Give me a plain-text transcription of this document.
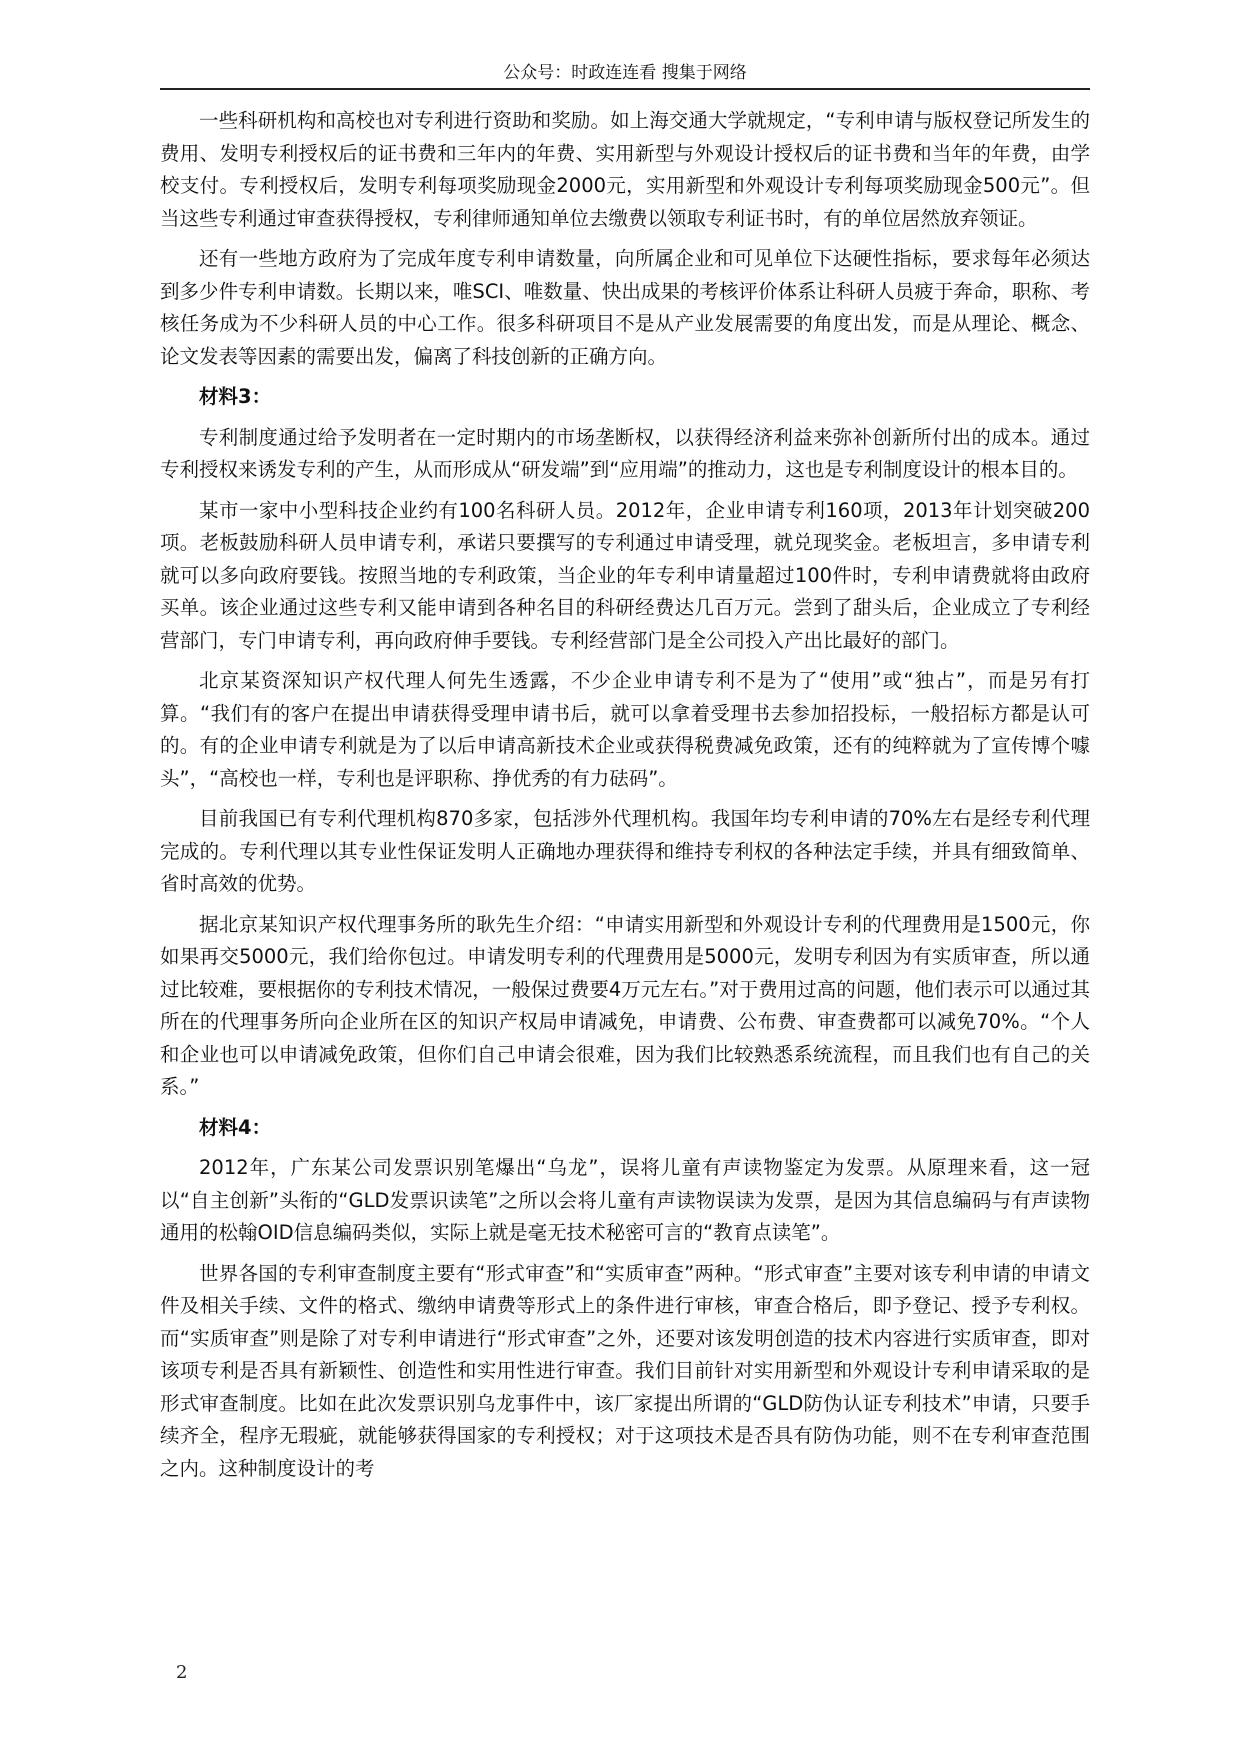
公众号：时政连连看 搜集于网络

一些科研机构和高校也对专利进行资助和奖励。如上海交通大学就规定，“专利申请与版权登记所发生的费用、发明专利授权后的证书费和三年内的年费、实用新型与外观设计授权后的证书费和当年的年费，由学校支付。专利授权后，发明专利每项奖励现金2000元，实用新型和外观设计专利每项奖励现金500元”。但当这些专利通过审查获得授权，专利律师通知单位去缴费以领取专利证书时，有的单位居然放弃领证。

还有一些地方政府为了完成年度专利申请数量，向所属企业和可见单位下达硬性指标，要求每年必须达到多少件专利申请数。长期以来，唯SCI、唯数量、快出成果的考核评价体系让科研人员疲于奔命，职称、考核任务成为不少科研人员的中心工作。很多科研项目不是从产业发展需要的角度出发，而是从理论、概念、论文发表等因素的需要出发，偏离了科技创新的正确方向。

材料3：

专利制度通过给予发明者在一定时期内的市场垄断权，以获得经济利益来弥补创新所付出的成本。通过专利授权来诱发专利的产生，从而形成从“研发端”到“应用端”的推动力，这也是专利制度设计的根本目的。

某市一家中小型科技企业约有100名科研人员。2012年，企业申请专利160项，2013年计划突破200项。老板鼓励科研人员申请专利，承诺只要撰写的专利通过申请受理，就兑现奖金。老板坦言，多申请专利就可以多向政府要钱。按照当地的专利政策，当企业的年专利申请量超过100件时，专利申请费就将由政府买单。该企业通过这些专利又能申请到各种名目的科研经费达几百万元。尝到了甜头后，企业成立了专利经营部门，专门申请专利，再向政府伸手要钱。专利经营部门是全公司投入产出比最好的部门。

北京某资深知识产权代理人何先生透露，不少企业申请专利不是为了“使用”或“独占”，而是另有打算。“我们有的客户在提出申请获得受理申请书后，就可以拿着受理书去参加招投标，一般招标方都是认可的。有的企业申请专利就是为了以后申请高新技术企业或获得税费减免政策，还有的纯粹就为了宣传博个噱头”，“高校也一样，专利也是评职称、挣优秀的有力砝码”。

目前我国已有专利代理机构870多家，包括涉外代理机构。我国年均专利申请的70%左右是经专利代理完成的。专利代理以其专业性保证发明人正确地办理获得和维持专利权的各种法定手续，并具有细致简单、省时高效的优势。

据北京某知识产权代理事务所的耿先生介绍：“申请实用新型和外观设计专利的代理费用是1500元，你如果再交5000元，我们给你包过。申请发明专利的代理费用是5000元，发明专利因为有实质审查，所以通过比较难，要根据你的专利技术情况，一般保过费要4万元左右。”对于费用过高的问题，他们表示可以通过其所在的代理事务所向企业所在区的知识产权局申请减免，申请费、公布费、审查费都可以减免70%。“个人和企业也可以申请减免政策，但你们自己申请会很难，因为我们比较熟悉系统流程，而且我们也有自己的关系。”

材料4：

2012年，广东某公司发票识别笔爆出“乌龙”，误将儿童有声读物鉴定为发票。从原理来看，这一冠以“自主创新”头衔的“GLD发票识读笔”之所以会将儿童有声读物误读为发票，是因为其信息编码与有声读物通用的松翰OID信息编码类似，实际上就是毫无技术秘密可言的“教育点读笔”。

世界各国的专利审查制度主要有“形式审查”和“实质审查”两种。“形式审查”主要对该专利申请的申请文件及相关手续、文件的格式、缴纳申请费等形式上的条件进行审核，审查合格后，即予登记、授予专利权。而“实质审查”则是除了对专利申请进行“形式审查”之外，还要对该发明创造的技术内容进行实质审查，即对该项专利是否具有新颖性、创造性和实用性进行审查。我们目前针对实用新型和外观设计专利申请采取的是形式审查制度。比如在此次发票识别乌龙事件中，该厂家提出所谓的“GLD防伪认证专利技术”申请，只要手续齐全，程序无瑕疵，就能够获得国家的专利授权；对于这项技术是否具有防伪功能，则不在专利审查范围之内。这种制度设计的考

2
